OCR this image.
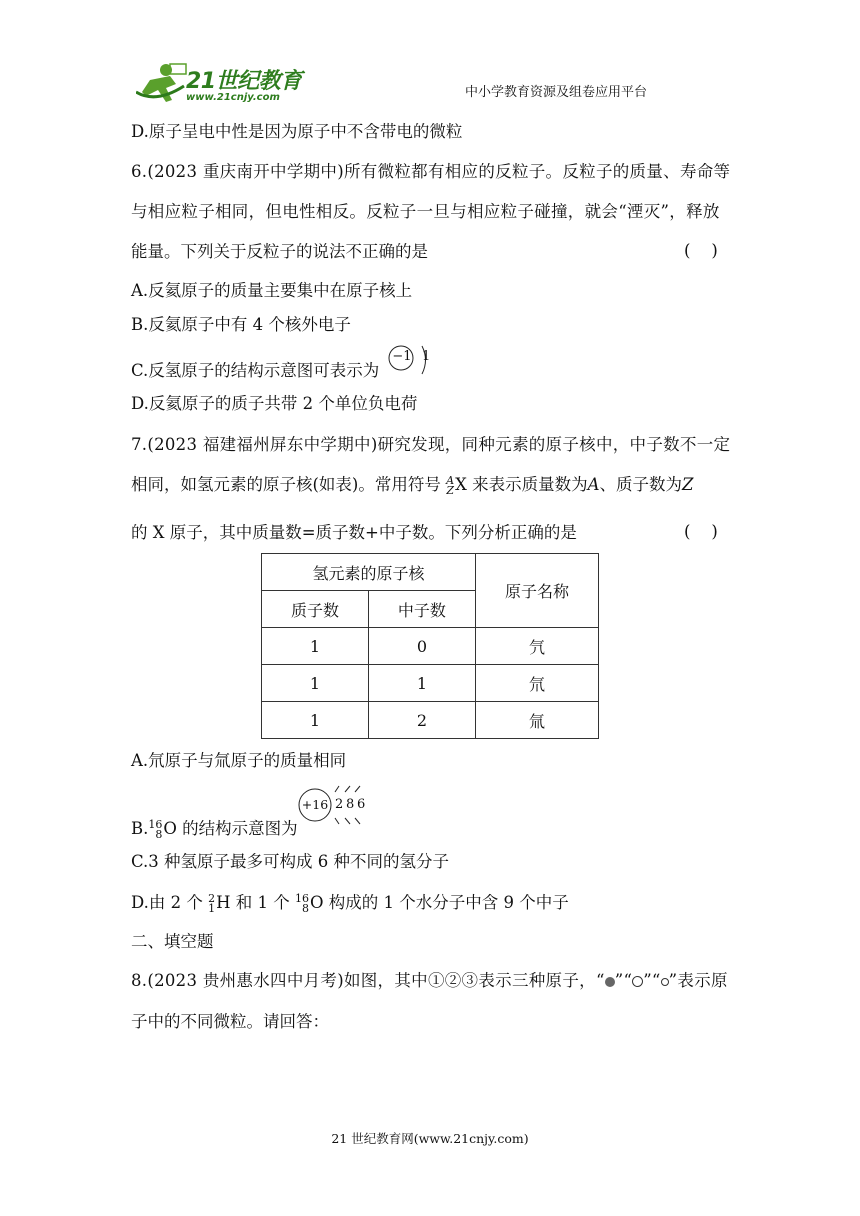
21世纪教育
www.21cnjy.com	中小学教育资源及组卷应用平台
D.原子呈电中性是因为原子中不含带电的微粒
6.(2023 重庆南开中学期中)所有微粒都有相应的反粒子。反粒子的质量、寿命等
与相应粒子相同，但电性相反。反粒子一旦与相应粒子碰撞，就会“湮灭”，释放
能量。下列关于反粒子的说法不正确的是	(    )
A.反氦原子的质量主要集中在原子核上
B.反氦原子中有 4 个核外电子
C.反氢原子的结构示意图可表示为
−1 1
D.反氦原子的质子共带 2 个单位负电荷
7.(2023 福建福州屏东中学期中)研究发现，同种元素的原子核中，中子数不一定
相同，如氢元素的原子核(如表)。常用符号 A
ZX 来表示质量数为A、质子数为Z
的 X 原子，其中质量数=质子数+中子数。下列分析正确的是	(    )
氢元素的原子核		原子名称
质子数	中子数	
1	0	氕
1	1	氘
1	2	氚
A.氘原子与氚原子的质量相同
B.16
8O 的结构示意图为
+16 2 8 6
C.3 种氢原子最多可构成 6 种不同的氢分子
D.由 2 个 2
1H 和 1 个 16
8O 构成的 1 个水分子中含 9 个中子
二、填空题
8.(2023 贵州惠水四中月考)如图，其中①②③表示三种原子，“ ”“ ”“ ”表示原
子中的不同微粒。请回答：
21 世纪教育网(www.21cnjy.com)
